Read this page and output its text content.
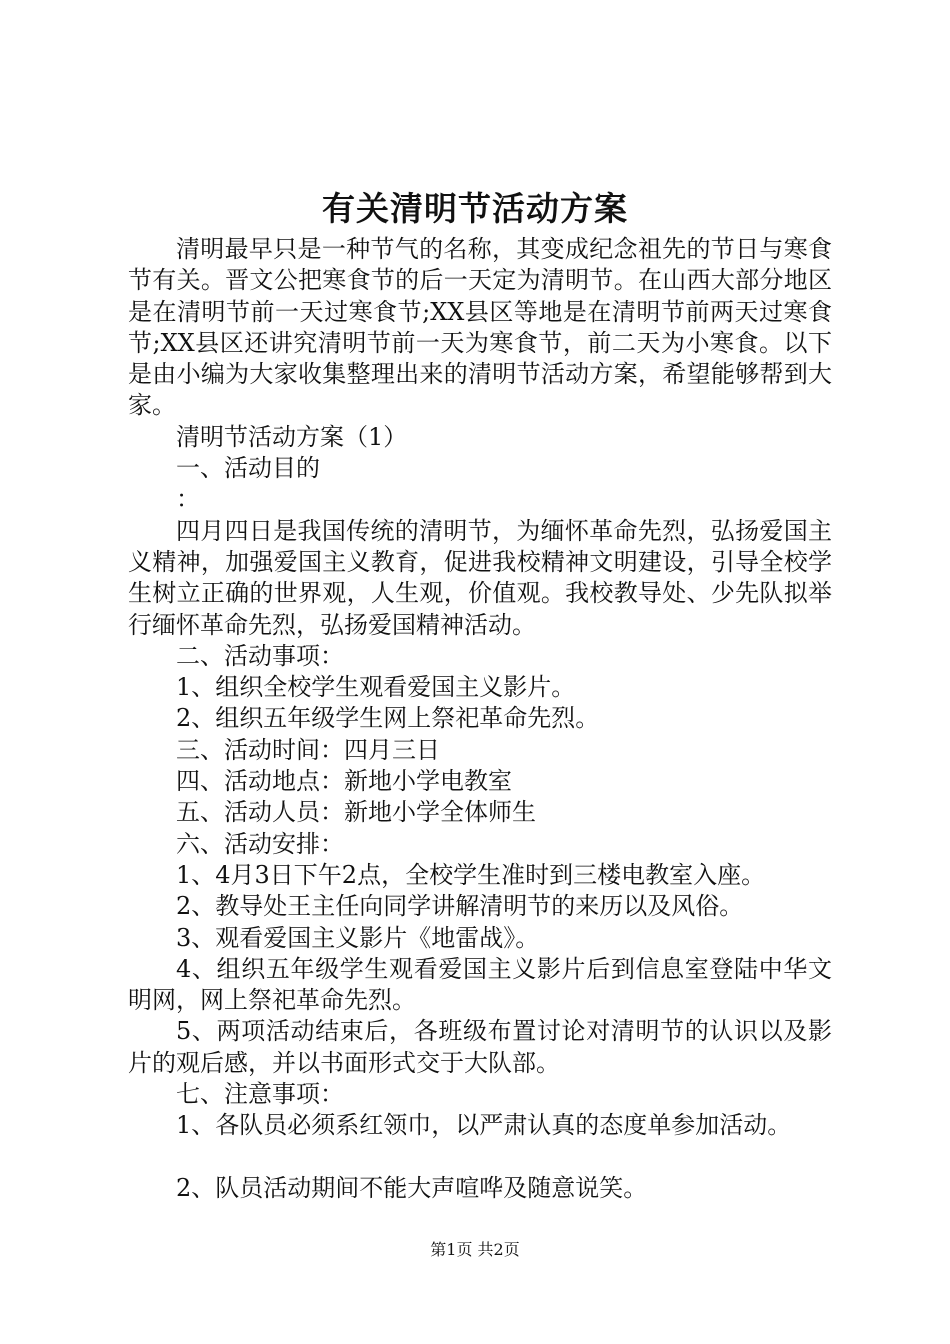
有关清明节活动方案

清明最早只是一种节气的名称，其变成纪念祖先的节日与寒食节有关。晋文公把寒食节的后一天定为清明节。在山西大部分地区是在清明节前一天过寒食节;XX县区等地是在清明节前两天过寒食节;XX县区还讲究清明节前一天为寒食节，前二天为小寒食。以下是由小编为大家收集整理出来的清明节活动方案，希望能够帮到大家。

清明节活动方案（1）

一、活动目的

：

四月四日是我国传统的清明节，为缅怀革命先烈，弘扬爱国主义精神，加强爱国主义教育，促进我校精神文明建设，引导全校学生树立正确的世界观，人生观，价值观。我校教导处、少先队拟举行缅怀革命先烈，弘扬爱国精神活动。

二、活动事项：

1、组织全校学生观看爱国主义影片。

2、组织五年级学生网上祭祀革命先烈。

三、活动时间：四月三日

四、活动地点：新地小学电教室

五、活动人员：新地小学全体师生

六、活动安排：

1、4月3日下午2点，全校学生准时到三楼电教室入座。

2、教导处王主任向同学讲解清明节的来历以及风俗。

3、观看爱国主义影片《地雷战》。

4、组织五年级学生观看爱国主义影片后到信息室登陆中华文明网，网上祭祀革命先烈。

5、两项活动结束后，各班级布置讨论对清明节的认识以及影片的观后感，并以书面形式交于大队部。

七、注意事项：

1、各队员必须系红领巾，以严肃认真的态度单参加活动。

2、队员活动期间不能大声喧哗及随意说笑。

第1页 共2页
